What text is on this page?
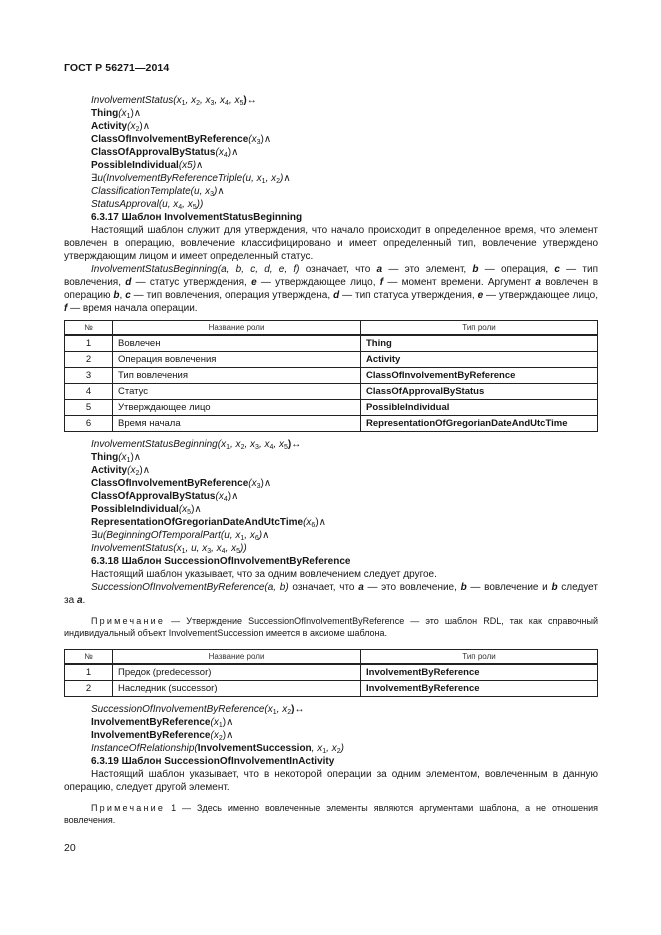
ГОСТ Р 56271—2014
$InvolvementStatus(x_1$, $x_2$, $x_3$, $x_4$, $x_5)\leftrightarrow$
$Thing(x_1)\wedge$
$Activity(x_2)\wedge$
$ClassOfInvolvementByReference(x_3)\wedge$
$ClassOfApprovalByStatus(x_4)\wedge$
PossibleIndividual(x5)∧
∃u(InvolvementByReferenceTriple(u, $x_1$, $x_2)\wedge$
ClassificationTemplate(u, $x_3)\wedge$
StatusApproval(u, $x_4$, $x_5$))
6.3.17 Шаблон InvolvementStatusBeginning
Настоящий шаблон служит для утверждения, что начало происходит в определенное время, что элемент вовлечен в операцию, вовлечение классифицировано и имеет определенный тип, вовлечение утверждено утверждающим лицом и имеет определенный статус.
InvolvementStatusBeginning(a, b, c, d, e, f) означает, что a — это элемент, b — операция, c — тип вовлечения, d — статус утверждения, e — утверждающее лицо, f — момент времени. Аргумент a вовлечен в операцию b, c — тип вовлечения, операция утверждена, d — тип статуса утверждения, e — утверждающее лицо, f — время начала операции.
№	Название роли	Тип роли
1	Вовлечен	Thing
2	Операция вовлечения	Activity
3	Тип вовлечения	ClassOfInvolvementByReference
4	Статус	ClassOfApprovalByStatus
5	Утверждающее лицо	PossibleIndividual
6	Время начала	RepresentationOfGregorianDateAndUtcTime
$InvolvementStatusBeginning(x_1$, $x_2$, $x_3$, $x_4$, $x_5)\leftrightarrow$
$Thing(x_1)\wedge$
$Activity(x_2)\wedge$
$ClassOfInvolvementByReference(x_3)\wedge$
$ClassOfApprovalByStatus(x_4)\wedge$
$PossibleIndividual(x_5)\wedge$
$RepresentationOfGregorianDateAndUtcTime(x_6)\wedge$
∃u(BeginningOfTemporalPart(u, $x_1$, $x_6)\wedge$
$InvolvementStatus(x_1$, u, $x_3$, $x_4$, $x_5$))
6.3.18 Шаблон SuccessionOfInvolvementByReference
Настоящий шаблон указывает, что за одним вовлечением следует другое.
SuccessionOfInvolvementByReference(a, b) означает, что a — это вовлечение, b — вовлечение и b следует за a.
Примечание — Утверждение SuccessionOfInvolvementByReference — это шаблон RDL, так как справочный индивидуальный объект InvolvementSuccession имеется в аксиоме шаблона.
№	Название роли	Тип роли
1	Предок (predecessor)	InvolvementByReference
2	Наследник (successor)	InvolvementByReference
$SuccessionOfInvolvementByReference(x_1$, $x_2)\leftrightarrow$
$InvolvementByReference(x_1)\wedge$
$InvolvementByReference(x_2)\wedge$
InstanceOfRelationship(InvolvementSuccession, $x_1$, $x_2$)
6.3.19 Шаблон SuccessionOfInvolvementInActivity
Настоящий шаблон указывает, что в некоторой операции за одним элементом, вовлеченным в данную операцию, следует другой элемент.
Примечание 1 — Здесь именно вовлеченные элементы являются аргументами шаблона, а не отношения вовлечения.
20
